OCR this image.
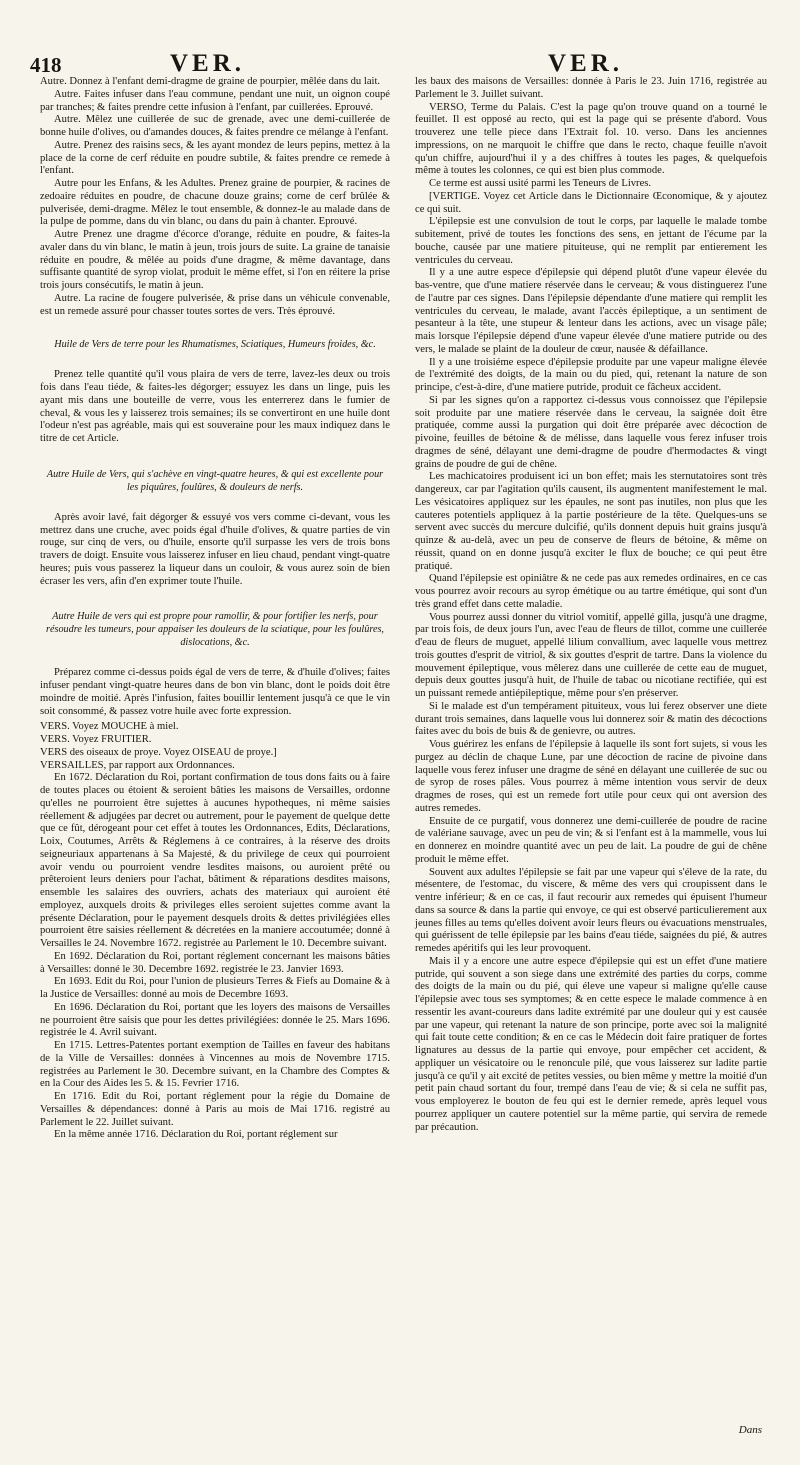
418	VER.	VER.

Autre. Donnez à l'enfant demi-dragme de graine de pourpier, mêlée dans du lait.

Autre. Faites infuser dans l'eau commune, pendant une nuit, un oignon coupé par tranches; & faites prendre cette infusion à l'enfant, par cuillerées. Eprouvé.

Autre. Mêlez une cuillerée de suc de grenade, avec une demi-cuillerée de bonne huile d'olives, ou d'amandes douces, & faites prendre ce mélange à l'enfant.

Autre. Prenez des raisins secs, & les ayant mondez de leurs pepins, mettez à la place de la corne de cerf réduite en poudre subtile, & faites prendre ce remede à l'enfant.

Autre pour les Enfans, & les Adultes. Prenez graine de pourpier, & racines de zedoaire réduites en poudre, de chacune douze grains; corne de cerf brûlée & pulverisée, demi-dragme. Mêlez le tout ensemble, & donnez-le au malade dans de la pulpe de pomme, dans du vin blanc, ou dans du pain à chanter. Eprouvé.

Autre Prenez une dragme d'écorce d'orange, réduite en poudre, & faites-la avaler dans du vin blanc, le matin à jeun, trois jours de suite. La graine de tanaisie réduite en poudre, & mêlée au poids d'une dragme, & même davantage, dans suffisante quantité de syrop violat, produit le même effet, si l'on en réitere la prise trois jours consécutifs, le matin à jeun.

Autre. La racine de fougere pulverisée, & prise dans un véhicule convenable, est un remede assuré pour chasser toutes sortes de vers. Très éprouvé.

Huile de Vers de terre pour les Rhumatismes, Sciatiques, Humeurs froides, &c.

Prenez telle quantité qu'il vous plaira de vers de terre, lavez-les deux ou trois fois dans l'eau tiéde, & faites-les dégorger; essuyez les dans un linge, puis les ayant mis dans une bouteille de verre, vous les enterrerez dans le fumier de cheval, & vous les y laisserez trois semaines; ils se convertiront en une huile dont l'odeur n'est pas agréable, mais qui est souveraine pour les maux indiquez dans le titre de cet Article.

Autre Huile de Vers, qui s'achève en vingt-quatre heures, & qui est excellente pour les piquûres, foulûres, & douleurs de nerfs.

Après avoir lavé, fait dégorger & essuyé vos vers comme ci-devant, vous les mettrez dans une cruche, avec poids égal d'huile d'olives, & quatre parties de vin rouge, sur cinq de vers, ou d'huile, ensorte qu'il surpasse les vers de trois bons travers de doigt. Ensuite vous laisserez infuser en lieu chaud, pendant vingt-quatre heures; puis vous passerez la liqueur dans un couloir, & vous aurez soin de bien écraser les vers, afin d'en exprimer toute l'huile.

Autre Huile de vers qui est propre pour ramollir, & pour fortifier les nerfs, pour résoudre les tumeurs, pour appaiser les douleurs de la sciatique, pour les foulûres, dislocations, &c.

Préparez comme ci-dessus poids égal de vers de terre, & d'huile d'olives; faites infuser pendant vingt-quatre heures dans de bon vin blanc, dont le poids doit être moindre de moitié. Après l'infusion, faites bouillir lentement jusqu'à ce que le vin soit consommé, & passez votre huile avec forte expression.

VERS. Voyez MOUCHE à miel.

VERS. Voyez FRUITIER.

VERS des oiseaux de proye. Voyez OISEAU de proye.]

VERSAILLES, par rapport aux Ordonnances.

En 1672. Déclaration du Roi, portant confirmation de tous dons faits ou à faire de toutes places ou étoient & seroient bâties les maisons de Versailles, ordonne qu'elles ne pourroient être sujettes à aucunes hypotheques, ni même saisies réellement & adjugées par decret ou autrement, pour le payement de quelque dette que ce fût, dérogeant pour cet effet à toutes les Ordonnances, Edits, Déclarations, Loix, Coutumes, Arrêts & Réglemens à ce contraires, à la réserve des droits seigneuriaux appartenans à Sa Majesté, & du privilege de ceux qui pourroient avoir vendu ou pourroient vendre lesdites maisons, ou auroient prêté ou prêteroient leurs deniers pour l'achat, bâtiment & réparations desdites maisons, ensemble les salaires des ouvriers, achats des materiaux qui auroient été employez, auxquels droits & privileges elles seroient sujettes comme avant la présente Déclaration, pour le payement desquels droits & dettes privilégiées elles pourroient être saisies réellement & décretées en la maniere accoutumée; donné à Versailles le 24. Novembre 1672. registrée au Parlement le 10. Decembre suivant.

En 1692. Déclaration du Roi, portant réglement concernant les maisons bâties à Versailles: donné le 30. Decembre 1692. registrée le 23. Janvier 1693.

En 1693. Edit du Roi, pour l'union de plusieurs Terres & Fiefs au Domaine & à la Justice de Versailles: donné au mois de Decembre 1693.

En 1696. Déclaration du Roi, portant que les loyers des maisons de Versailles ne pourroient être saisis que pour les dettes privilégiées: donnée le 25. Mars 1696. registrée le 4. Avril suivant.

En 1715. Lettres-Patentes portant exemption de Tailles en faveur des habitans de la Ville de Versailles: données à Vincennes au mois de Novembre 1715. registrées au Parlement le 30. Decembre suivant, en la Chambre des Comptes & en la Cour des Aides les 5. & 15. Fevrier 1716.

En 1716. Edit du Roi, portant réglement pour la régie du Domaine de Versailles & dépendances: donné à Paris au mois de Mai 1716. registré au Parlement le 22. Juillet suivant.

En la même année 1716. Déclaration du Roi, portant réglement sur

les baux des maisons de Versailles: donnée à Paris le 23. Juin 1716, registrée au Parlement le 3. Juillet suivant.

VERSO, Terme du Palais. C'est la page qu'on trouve quand on a tourné le feuillet. Il est opposé au recto, qui est la page qui se présente d'abord. Vous trouverez une telle piece dans l'Extrait fol. 10. verso. Dans les anciennes impressions, on ne marquoit le chiffre que dans le recto, chaque feuille n'avoit qu'un chiffre, aujourd'hui il y a des chiffres à toutes les pages, & quelquefois même à toutes les colonnes, ce qui est bien plus commode.

Ce terme est aussi usité parmi les Teneurs de Livres.

[VERTIGE. Voyez cet Article dans le Dictionnaire Œconomique, & y ajoutez ce qui suit.

L'épilepsie est une convulsion de tout le corps, par laquelle le malade tombe subitement, privé de toutes les fonctions des sens, en jettant de l'écume par la bouche, causée par une matiere pituiteuse, qui ne remplit par entierement les ventricules du cerveau.

Il y a une autre espece d'épilepsie qui dépend plutôt d'une vapeur élevée du bas-ventre, que d'une matiere réservée dans le cerveau; & vous distinguerez l'une de l'autre par ces signes. Dans l'épilepsie dépendante d'une matiere qui remplit les ventricules du cerveau, le malade, avant l'accès épileptique, a un sentiment de pesanteur à la tête, une stupeur & lenteur dans les actions, avec un visage pâle; mais lorsque l'épilepsie dépend d'une vapeur élevée d'une matiere putride ou des vers, le malade se plaint de la douleur de cœur, nausée & défaillance.

Il y a une troisiéme espece d'épilepsie produite par une vapeur maligne élevée de l'extrémité des doigts, de la main ou du pied, qui, retenant la nature de son principe, c'est-à-dire, d'une matiere putride, produit ce fâcheux accident.

Si par les signes qu'on a rapportez ci-dessus vous connoissez que l'épilepsie soit produite par une matiere réservée dans le cerveau, la saignée doit être pratiquée, comme aussi la purgation qui doit être préparée avec décoction de pivoine, feuilles de bétoine & de mélisse, dans laquelle vous ferez infuser trois dragmes de séné, délayant une demi-dragme de poudre d'hermodactes & vingt grains de poudre de gui de chêne.

Les machicatoires produisent ici un bon effet; mais les sternutatoires sont très dangereux, car par l'agitation qu'ils causent, ils augmentent manifestement le mal. Les vésicatoires appliquez sur les épaules, ne sont pas inutiles, non plus que les cauteres potentiels appliquez à la partie postérieure de la tête. Quelques-uns se servent avec succès du mercure dulcifié, qu'ils donnent depuis huit grains jusqu'à quinze & au-delà, avec un peu de conserve de fleurs de bétoine, & même on réussit, quand on en donne jusqu'à exciter le flux de bouche; ce qui peut être pratiqué.

Quand l'épilepsie est opiniâtre & ne cede pas aux remedes ordinaires, en ce cas vous pourrez avoir recours au syrop émétique ou au tartre émétique, qui sont d'un très grand effet dans cette maladie.

Vous pourrez aussi donner du vitriol vomitif, appellé gilla, jusqu'à une dragme, par trois fois, de deux jours l'un, avec l'eau de fleurs de tillot, comme une cuillerée d'eau de fleurs de muguet, appellé lilium convallium, avec laquelle vous mettrez trois gouttes d'esprit de vitriol, & six gouttes d'esprit de tartre. Dans la violence du mouvement épileptique, vous mêlerez dans une cuillerée de cette eau de muguet, depuis deux gouttes jusqu'à huit, de l'huile de tabac ou nicotiane rectifiée, qui est un puissant remede antiépileptique, même pour s'en préserver.

Si le malade est d'un tempérament pituiteux, vous lui ferez observer une diete durant trois semaines, dans laquelle vous lui donnerez soir & matin des décoctions faites avec du bois de buis & de genievre, ou autres.

Vous guérirez les enfans de l'épilepsie à laquelle ils sont fort sujets, si vous les purgez au déclin de chaque Lune, par une décoction de racine de pivoine dans laquelle vous ferez infuser une dragme de séné en délayant une cuillerée de suc ou de syrop de roses pâles. Vous pourrez à même intention vous servir de deux dragmes de roses, qui est un remede fort utile pour ceux qui ont aversion des autres remedes.

Ensuite de ce purgatif, vous donnerez une demi-cuillerée de poudre de racine de valériane sauvage, avec un peu de vin; & si l'enfant est à la mammelle, vous lui en donnerez en moindre quantité avec un peu de lait. La poudre de gui de chêne produit le même effet.

Souvent aux adultes l'épilepsie se fait par une vapeur qui s'éleve de la rate, du mésentere, de l'estomac, du viscere, & même des vers qui croupissent dans le ventre inférieur; & en ce cas, il faut recourir aux remedes qui épuisent l'humeur dans sa source & dans la partie qui envoye, ce qui est observé particulierement aux jeunes filles au tems qu'elles doivent avoir leurs fleurs ou évacuations menstruales, qui guérissent de telle épilepsie par les bains d'eau tiéde, saignées du pié, & autres remedes apéritifs qui les leur provoquent.

Mais il y a encore une autre espece d'épilepsie qui est un effet d'une matiere putride, qui souvent a son siege dans une extrémité des parties du corps, comme des doigts de la main ou du pié, qui éleve une vapeur si maligne qu'elle cause l'épilepsie avec tous ses symptomes; & en cette espece le malade commence à en ressentir les avant-coureurs dans ladite extrémité par une douleur qui y est causée par une vapeur, qui retenant la nature de son principe, porte avec soi la malignité qui fait toute cette condition; & en ce cas le Médecin doit faire pratiquer de fortes lignatures au dessus de la partie qui envoye, pour empêcher cet accident, & appliquer un vésicatoire ou le renoncule pilé, que vous laisserez sur ladite partie jusqu'à ce qu'il y ait excité de petites vessies, ou bien même y mettre la moitié d'un petit pain chaud sortant du four, trempé dans l'eau de vie; & si cela ne suffit pas, vous employerez le bouton de feu qui est le dernier remede, après lequel vous pourrez appliquer un cautere potentiel sur la même partie, qui servira de remede par précaution.

Dans
